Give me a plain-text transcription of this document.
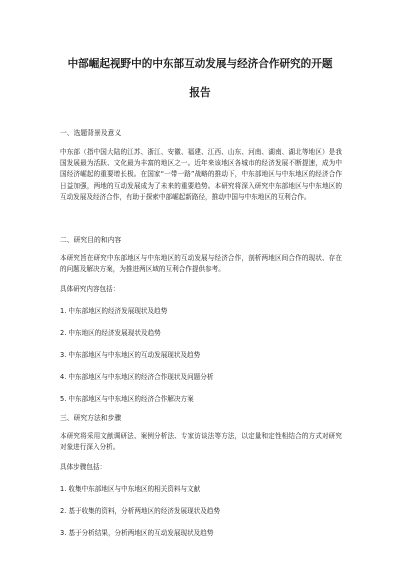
中部崛起视野中的中东部互动发展与经济合作研究的开题
报告

一、选题背景及意义

中东部（指中国大陆的江苏、浙江、安徽、福建、江西、山东、河南、湖南、湖北等地区）是我国发展最为活跃、文化最为丰富的地区之一。近年来该地区各城市的经济发展不断提速，成为中国经济崛起的重要增长极。在国家“一带一路”战略的推动下，中东部地区与中东地区的经济合作日益加强，两地的互动发展成为了未来的重要趋势。本研究将深入研究中东部地区与中东地区的互动发展及经济合作，有助于探索中部崛起新路径，推动中国与中东地区的互利合作。

二、研究目的和内容

本研究旨在研究中东部地区与中东地区的互动发展与经济合作，剖析两地区间合作的现状、存在的问题及解决方案，为推进两区域的互利合作提供参考。

具体研究内容包括：

1. 中东部地区的经济发展现状及趋势

2. 中东地区的经济发展现状及趋势

3. 中东部地区与中东地区的互动发展现状及趋势

4. 中东部地区与中东地区的经济合作现状及问题分析

5. 中东部地区与中东地区的经济合作解决方案

三、研究方法和步骤

本研究将采用文献调研法、案例分析法、专家访谈法等方法，以定量和定性相结合的方式对研究对象进行深入分析。

具体步骤包括：

1. 收集中东部地区与中东地区的相关资料与文献

2. 基于收集的资料，分析两地区的经济发展现状及趋势

3. 基于分析结果，分析两地区的互动发展现状及趋势
